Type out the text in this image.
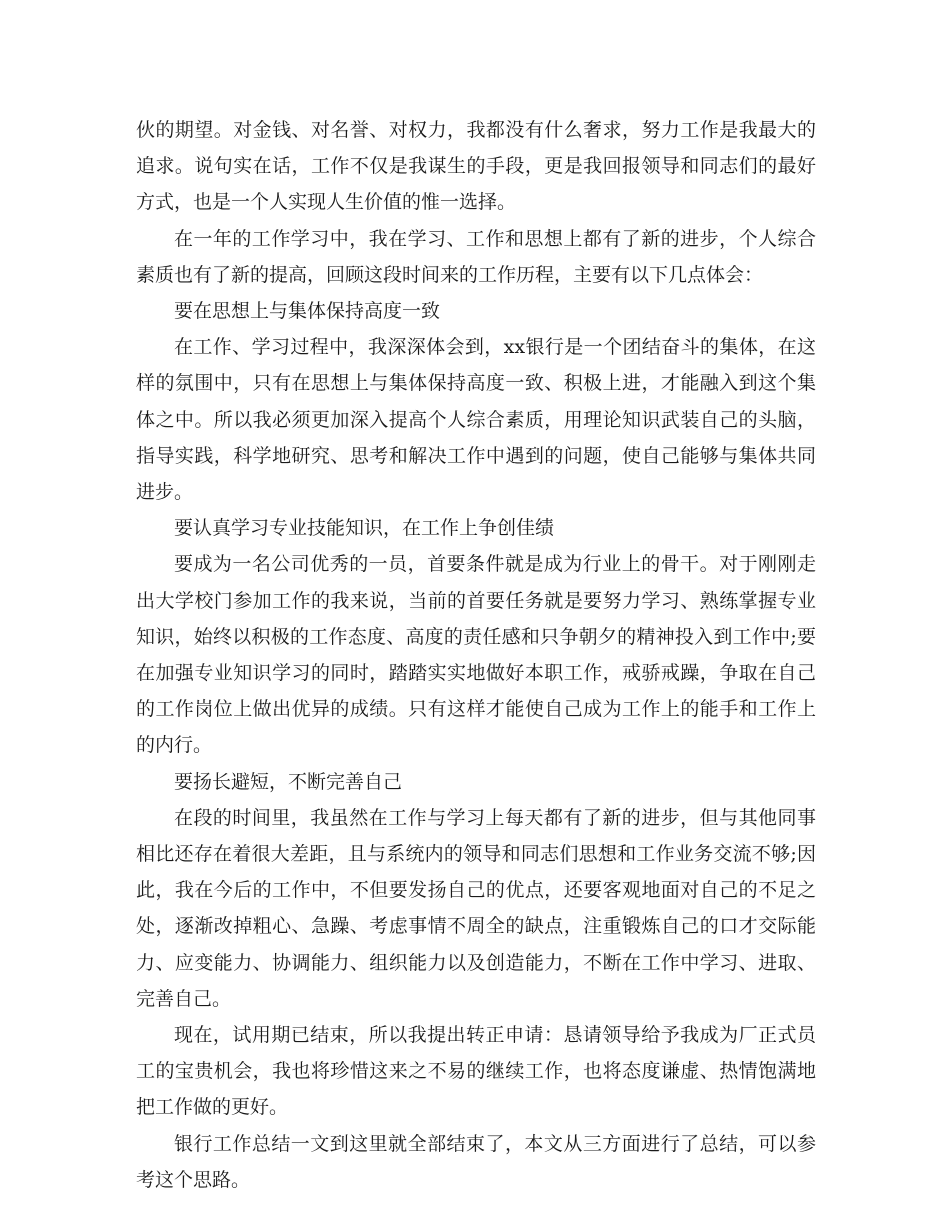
伙的期望。对金钱、对名誉、对权力，我都没有什么奢求，努力工作是我最大的追求。说句实在话，工作不仅是我谋生的手段，更是我回报领导和同志们的最好方式，也是一个人实现人生价值的惟一选择。

在一年的工作学习中，我在学习、工作和思想上都有了新的进步，个人综合素质也有了新的提高，回顾这段时间来的工作历程，主要有以下几点体会：

要在思想上与集体保持高度一致

在工作、学习过程中，我深深体会到，xx银行是一个团结奋斗的集体，在这样的氛围中，只有在思想上与集体保持高度一致、积极上进，才能融入到这个集体之中。所以我必须更加深入提高个人综合素质，用理论知识武装自己的头脑，指导实践，科学地研究、思考和解决工作中遇到的问题，使自己能够与集体共同进步。

要认真学习专业技能知识，在工作上争创佳绩

要成为一名公司优秀的一员，首要条件就是成为行业上的骨干。对于刚刚走出大学校门参加工作的我来说，当前的首要任务就是要努力学习、熟练掌握专业知识，始终以积极的工作态度、高度的责任感和只争朝夕的精神投入到工作中;要在加强专业知识学习的同时，踏踏实实地做好本职工作，戒骄戒躁，争取在自己的工作岗位上做出优异的成绩。只有这样才能使自己成为工作上的能手和工作上的内行。

要扬长避短，不断完善自己

在段的时间里，我虽然在工作与学习上每天都有了新的进步，但与其他同事相比还存在着很大差距，且与系统内的领导和同志们思想和工作业务交流不够;因此，我在今后的工作中，不但要发扬自己的优点，还要客观地面对自己的不足之处，逐渐改掉粗心、急躁、考虑事情不周全的缺点，注重锻炼自己的口才交际能力、应变能力、协调能力、组织能力以及创造能力，不断在工作中学习、进取、完善自己。

现在，试用期已结束，所以我提出转正申请：恳请领导给予我成为厂正式员工的宝贵机会，我也将珍惜这来之不易的继续工作，也将态度谦虚、热情饱满地把工作做的更好。

银行工作总结一文到这里就全部结束了，本文从三方面进行了总结，可以参考这个思路。
